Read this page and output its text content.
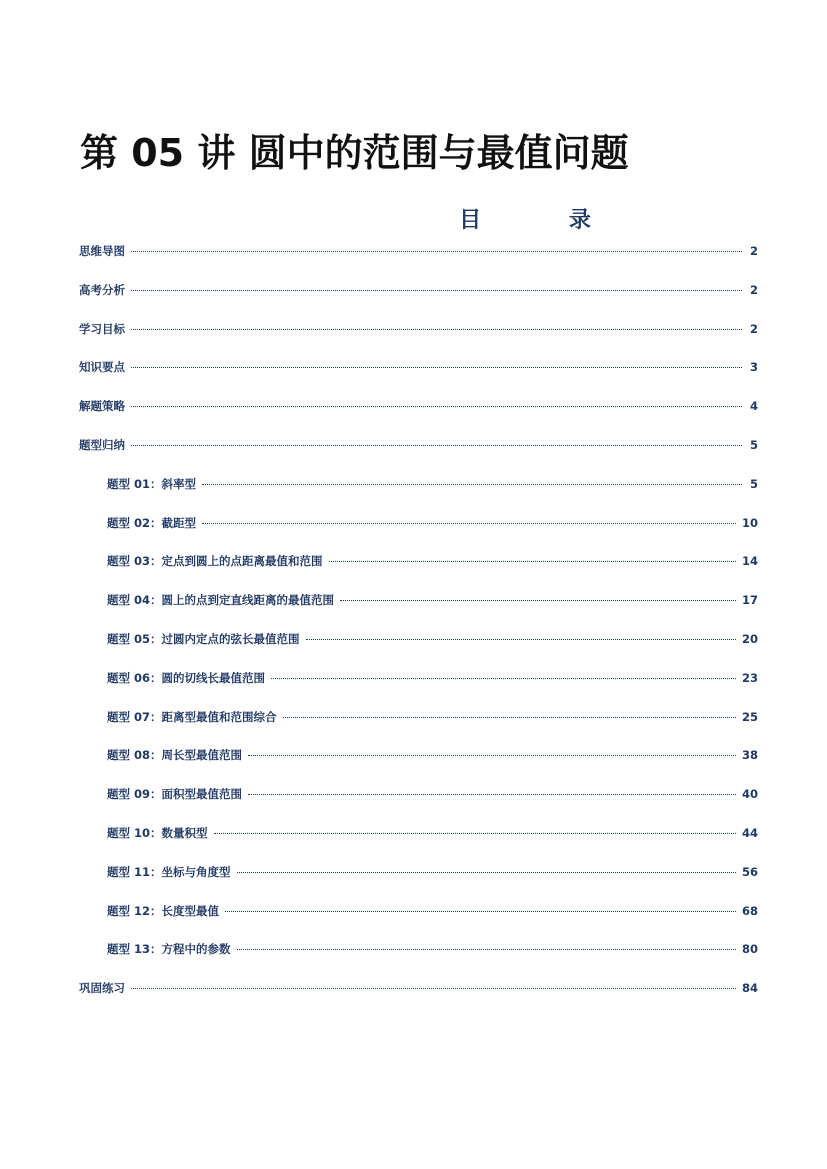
第 05 讲 圆中的范围与最值问题
目 录
思维导图	2
高考分析	2
学习目标	2
知识要点	3
解题策略	4
题型归纳	5
题型 01：斜率型	5
题型 02：截距型	10
题型 03：定点到圆上的点距离最值和范围	14
题型 04：圆上的点到定直线距离的最值范围	17
题型 05：过圆内定点的弦长最值范围	20
题型 06：圆的切线长最值范围	23
题型 07：距离型最值和范围综合	25
题型 08：周长型最值范围	38
题型 09：面积型最值范围	40
题型 10：数量积型	44
题型 11：坐标与角度型	56
题型 12：长度型最值	68
题型 13：方程中的参数	80
巩固练习	84
